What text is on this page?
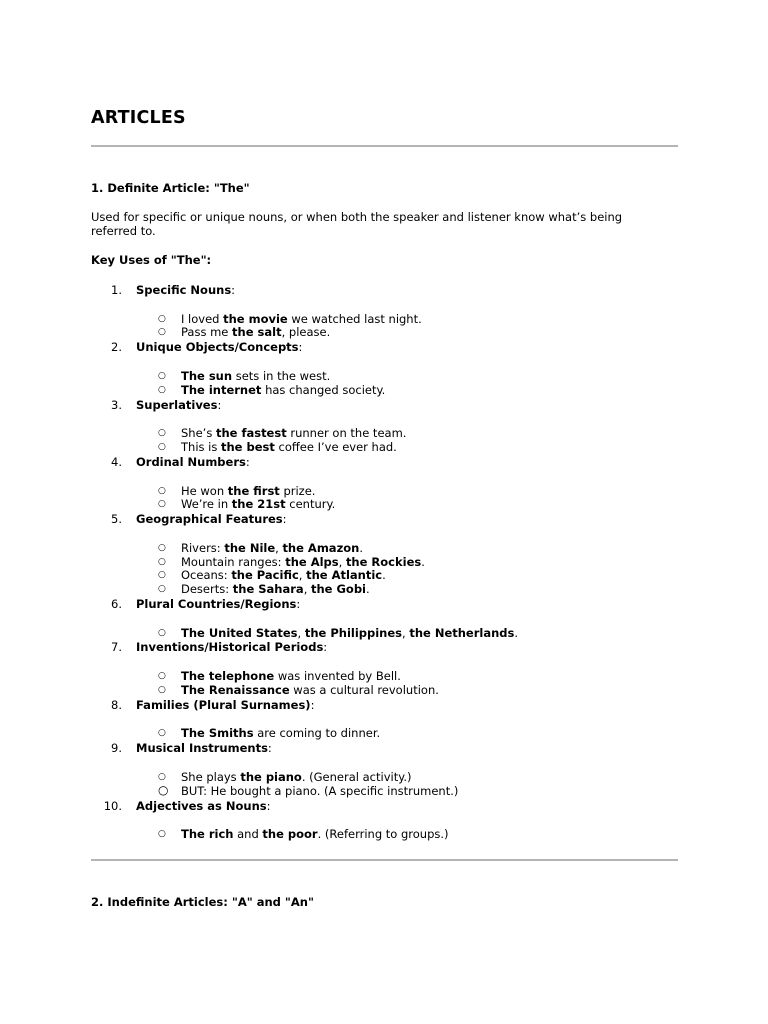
ARTICLES
1. Definite Article: "The"

Used for specific or unique nouns, or when both the speaker and listener know what’s being referred to.

Key Uses of "The":

1. Specific Nouns:
○ I loved the movie we watched last night.
○ Pass me the salt, please.
2. Unique Objects/Concepts:
○ The sun sets in the west.
○ The internet has changed society.
3. Superlatives:
○ She’s the fastest runner on the team.
○ This is the best coffee I’ve ever had.
4. Ordinal Numbers:
○ He won the first prize.
○ We’re in the 21st century.
5. Geographical Features:
○ Rivers: the Nile, the Amazon.
○ Mountain ranges: the Alps, the Rockies.
○ Oceans: the Pacific, the Atlantic.
○ Deserts: the Sahara, the Gobi.
6. Plural Countries/Regions:
○ The United States, the Philippines, the Netherlands.
7. Inventions/Historical Periods:
○ The telephone was invented by Bell.
○ The Renaissance was a cultural revolution.
8. Families (Plural Surnames):
○ The Smiths are coming to dinner.
9. Musical Instruments:
○ She plays the piano. (General activity.)
○ BUT: He bought a piano. (A specific instrument.)
10. Adjectives as Nouns:
○ The rich and the poor. (Referring to groups.)
2. Indefinite Articles: "A" and "An"
